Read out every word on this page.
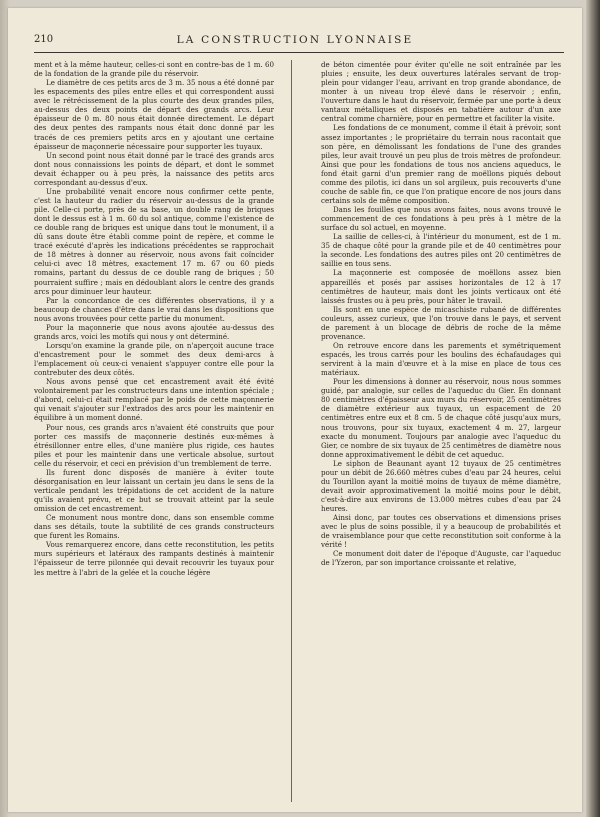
210	LA CONSTRUCTION LYONNAISE

ment et à la même hauteur, celles-ci sont en contre-bas de 1 m. 60 de la fondation de la grande pile du réservoir.

Le diamètre de ces petits arcs de 3 m. 35 nous a été donné par les espacements des piles entre elles et qui correspondent aussi avec le rétrécissement de la plus courte des deux grandes piles, au-dessus des deux points de départ des grands arcs. Leur épaisseur de 0 m. 80 nous était donnée directement. Le départ des deux pentes des rampants nous était donc donné par les tracés de ces premiers petits arcs en y ajoutant une certaine épaisseur de maçonnerie nécessaire pour supporter les tuyaux.

Un second point nous était donné par le tracé des grands arcs dont nous connaissions les points de départ, et dont le sommet devait échapper ou à peu près, la naissance des petits arcs correspondant au-dessus d'eux.

Une probabilité venait encore nous confirmer cette pente, c'est la hauteur du radier du réservoir au-dessus de la grande pile. Celle-ci porte, près de sa base, un double rang de briques dont le dessus est à 1 m. 60 du sol antique, comme l'existence de ce double rang de briques est unique dans tout le monument, il a dû sans doute être établi comme point de repère, et comme le tracé exécuté d'après les indications précédentes se rapprochait de 18 mètres à donner au réservoir, nous avons fait coïncider celui-ci avec 18 mètres, exactement 17 m. 67 ou 60 pieds romains, partant du dessus de ce double rang de briques ; 50 pourraient suffire ; mais en dédoublant alors le centre des grands arcs pour diminuer leur hauteur.

Par la concordance de ces différentes observations, il y a beaucoup de chances d'être dans le vrai dans les dispositions que nous avons trouvées pour cette partie du monument.

Pour la maçonnerie que nous avons ajoutée au-dessus des grands arcs, voici les motifs qui nous y ont déterminé.

Lorsqu'on examine la grande pile, on n'aperçoit aucune trace d'encastrement pour le sommet des deux demi-arcs à l'emplacement où ceux-ci venaient s'appuyer contre elle pour la contrebuter des deux côtés.

Nous avons pensé que cet encastrement avait été évité volontairement par les constructeurs dans une intention spéciale ; d'abord, celui-ci était remplacé par le poids de cette maçonnerie qui venait s'ajouter sur l'extrados des arcs pour les maintenir en équilibre à un moment donné.

Pour nous, ces grands arcs n'avaient été construits que pour porter ces massifs de maçonnerie destinés eux-mêmes à étrésillonner entre elles, d'une manière plus rigide, ces hautes piles et pour les maintenir dans une verticale absolue, surtout celle du réservoir, et ceci en prévision d'un tremblement de terre.

Ils furent donc disposés de manière à éviter toute désorganisation en leur laissant un certain jeu dans le sens de la verticale pendant les trépidations de cet accident de la nature qu'ils avaient prévu, et ce but se trouvait atteint par la seule omission de cet encastrement.

Ce monument nous montre donc, dans son ensemble comme dans ses détails, toute la subtilité de ces grands constructeurs que furent les Romains.

Vous remarquerez encore, dans cette reconstitution, les petits murs supérieurs et latéraux des rampants destinés à maintenir l'épaisseur de terre pilonnée qui devait recouvrir les tuyaux pour les mettre à l'abri de la gelée et la couche légère

de béton cimentée pour éviter qu'elle ne soit entraînée par les pluies ; ensuite, les deux ouvertures latérales servant de trop-plein pour vidanger l'eau, arrivant en trop grande abondance, de monter à un niveau trop élevé dans le réservoir ; enfin, l'ouverture dans le haut du réservoir, fermée par une porte à deux vantaux métalliques et disposés en tabatière autour d'un axe central comme charnière, pour en permettre et faciliter la visite.

Les fondations de ce monument, comme il était à prévoir, sont assez importantes ; le propriétaire du terrain nous racontait que son père, en démolissant les fondations de l'une des grandes piles, leur avait trouvé un peu plus de trois mètres de profondeur. Ainsi que pour les fondations de tous nos anciens aqueducs, le fond était garni d'un premier rang de moëllons piqués debout comme des pilotis, ici dans un sol argileux, puis recouverts d'une couche de sable fin, ce que l'on pratique encore de nos jours dans certains sols de même composition.

Dans les fouilles que nous avons faites, nous avons trouvé le commencement de ces fondations à peu près à 1 mètre de la surface du sol actuel, en moyenne.

La saillie de celles-ci, à l'intérieur du monument, est de 1 m. 35 de chaque côté pour la grande pile et de 40 centimètres pour la seconde. Les fondations des autres piles ont 20 centimètres de saillie en tous sens.

La maçonnerie est composée de moëllons assez bien appareillés et posés par assises horizontales de 12 à 17 centimètres de hauteur, mais dont les joints verticaux ont été laissés frustes ou à peu près, pour hâter le travail.

Ils sont en une espèce de micaschiste rubané de différentes couleurs, assez curieux, que l'on trouve dans le pays, et servent de parement à un blocage de débris de roche de la même provenance.

On retrouve encore dans les parements et symétriquement espacés, les trous carrés pour les boulins des échafaudages qui servirent à la main d'œuvre et à la mise en place de tous ces matériaux.

Pour les dimensions à donner au réservoir, nous nous sommes guidé, par analogie, sur celles de l'aqueduc du Gier. En donnant 80 centimètres d'épaisseur aux murs du réservoir, 25 centimètres de diamètre extérieur aux tuyaux, un espacement de 20 centimètres entre eux et 8 cm. 5 de chaque côté jusqu'aux murs, nous trouvons, pour six tuyaux, exactement 4 m. 27, largeur exacte du monument. Toujours par analogie avec l'aqueduc du Gier, ce nombre de six tuyaux de 25 centimètres de diamètre nous donne approximativement le débit de cet aqueduc.

Le siphon de Beaunant ayant 12 tuyaux de 25 centimètres pour un débit de 26.660 mètres cubes d'eau par 24 heures, celui du Tourillon ayant la moitié moins de tuyaux de même diamètre, devait avoir approximativement la moitié moins pour le débit, c'est-à-dire aux environs de 13.000 mètres cubes d'eau par 24 heures.

Ainsi donc, par toutes ces observations et dimensions prises avec le plus de soins possible, il y a beaucoup de probabilités et de vraisemblance pour que cette reconstitution soit conforme à la vérité !

Ce monument doit dater de l'époque d'Auguste, car l'aqueduc de l'Yzeron, par son importance croissante et relative,
